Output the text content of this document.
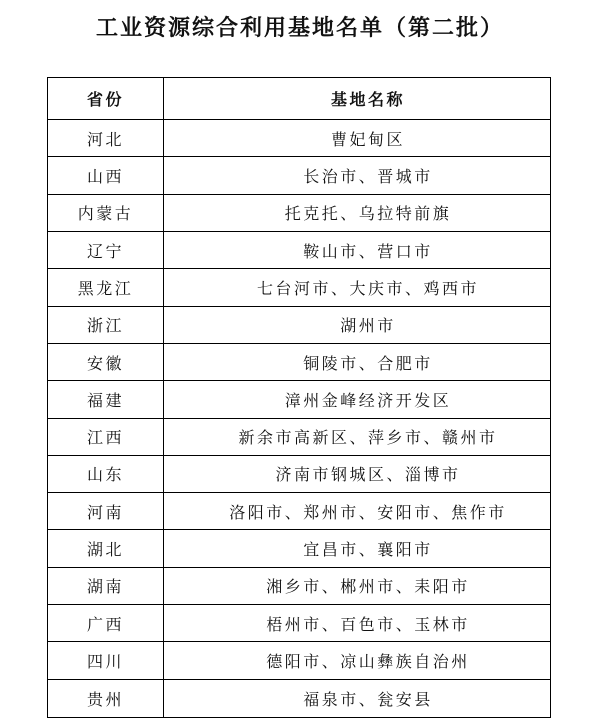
工业资源综合利用基地名单（第二批）
省份	基地名称
河北	曹妃甸区
山西	长治市、晋城市
内蒙古	托克托、乌拉特前旗
辽宁	鞍山市、营口市
黑龙江	七台河市、大庆市、鸡西市
浙江	湖州市
安徽	铜陵市、合肥市
福建	漳州金峰经济开发区
江西	新余市高新区、萍乡市、赣州市
山东	济南市钢城区、淄博市
河南	洛阳市、郑州市、安阳市、焦作市
湖北	宜昌市、襄阳市
湖南	湘乡市、郴州市、耒阳市
广西	梧州市、百色市、玉林市
四川	德阳市、凉山彝族自治州
贵州	福泉市、瓮安县
